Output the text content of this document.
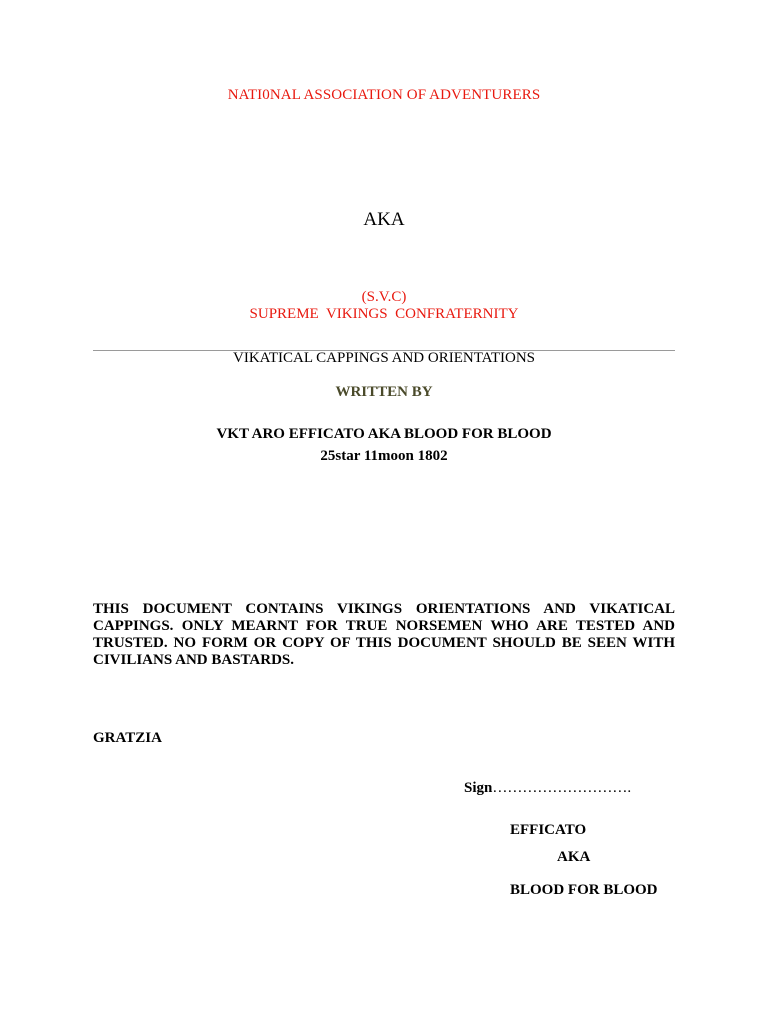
NATI0NAL ASSOCIATION OF ADVENTURERS
AKA
(S.V.C)
SUPREME  VIKINGS  CONFRATERNITY
VIKATICAL CAPPINGS AND ORIENTATIONS
WRITTEN BY
VKT ARO EFFICATO AKA BLOOD FOR BLOOD
25star 11moon 1802
THIS DOCUMENT CONTAINS VIKINGS ORIENTATIONS AND VIKATICAL CAPPINGS. ONLY MEARNT FOR TRUE NORSEMEN WHO ARE TESTED AND TRUSTED. NO FORM OR COPY OF THIS DOCUMENT SHOULD BE SEEN WITH CIVILIANS AND BASTARDS.
GRATZIA
Sign……………………….
EFFICATO
AKA
BLOOD FOR BLOOD
